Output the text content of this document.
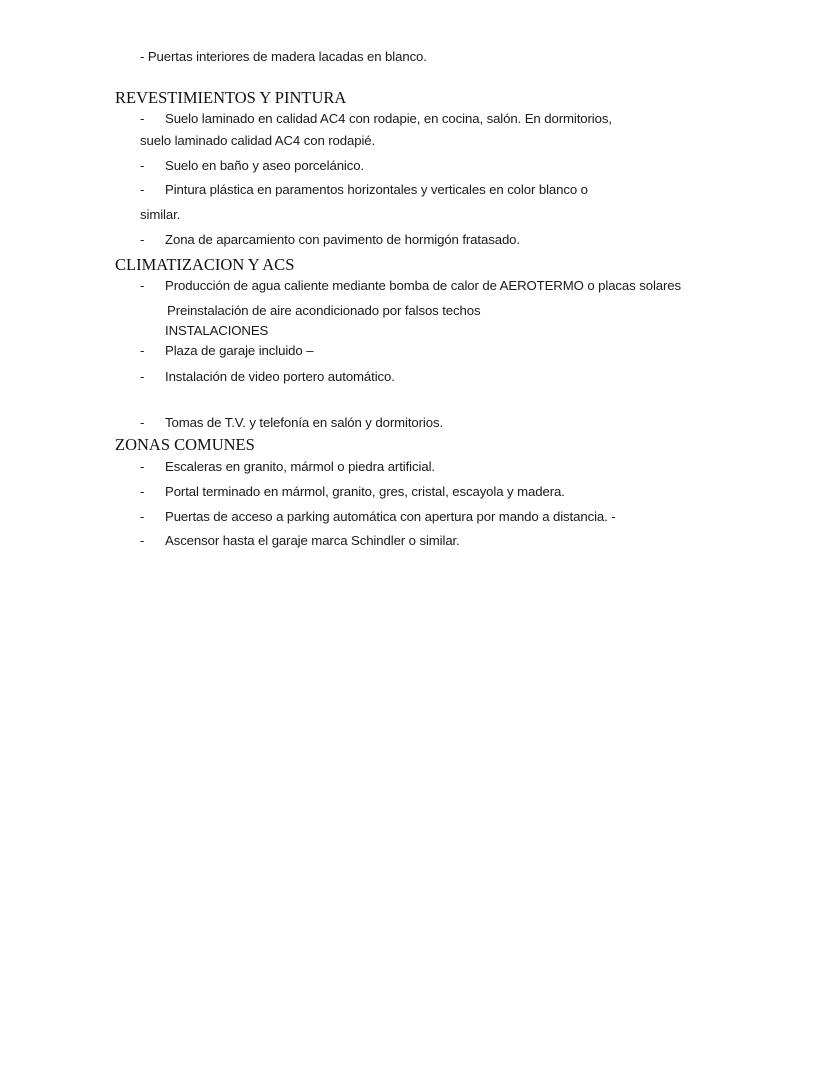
- Puertas interiores de madera lacadas en blanco.
REVESTIMIENTOS Y PINTURA
- Suelo laminado en calidad AC4 con rodapie, en cocina, salón. En dormitorios,
suelo laminado calidad AC4 con rodapié.
- Suelo en baño y aseo porcelánico.
- Pintura plástica en paramentos horizontales y verticales en color blanco o
similar.
- Zona de aparcamiento con pavimento de hormigón fratasado.
CLIMATIZACION Y ACS
- Producción de agua caliente mediante bomba de calor de AEROTERMO o placas solares
Preinstalación de aire acondicionado por falsos techos
INSTALACIONES
- Plaza de garaje incluido –
- Instalación de video portero automático.
- Tomas de T.V. y telefonía en salón y dormitorios.
ZONAS COMUNES
- Escaleras en granito, mármol o piedra artificial.
- Portal terminado en mármol, granito, gres, cristal, escayola y madera.
- Puertas de acceso a parking automática con apertura por mando a distancia. -
- Ascensor hasta el garaje marca Schindler o similar.
